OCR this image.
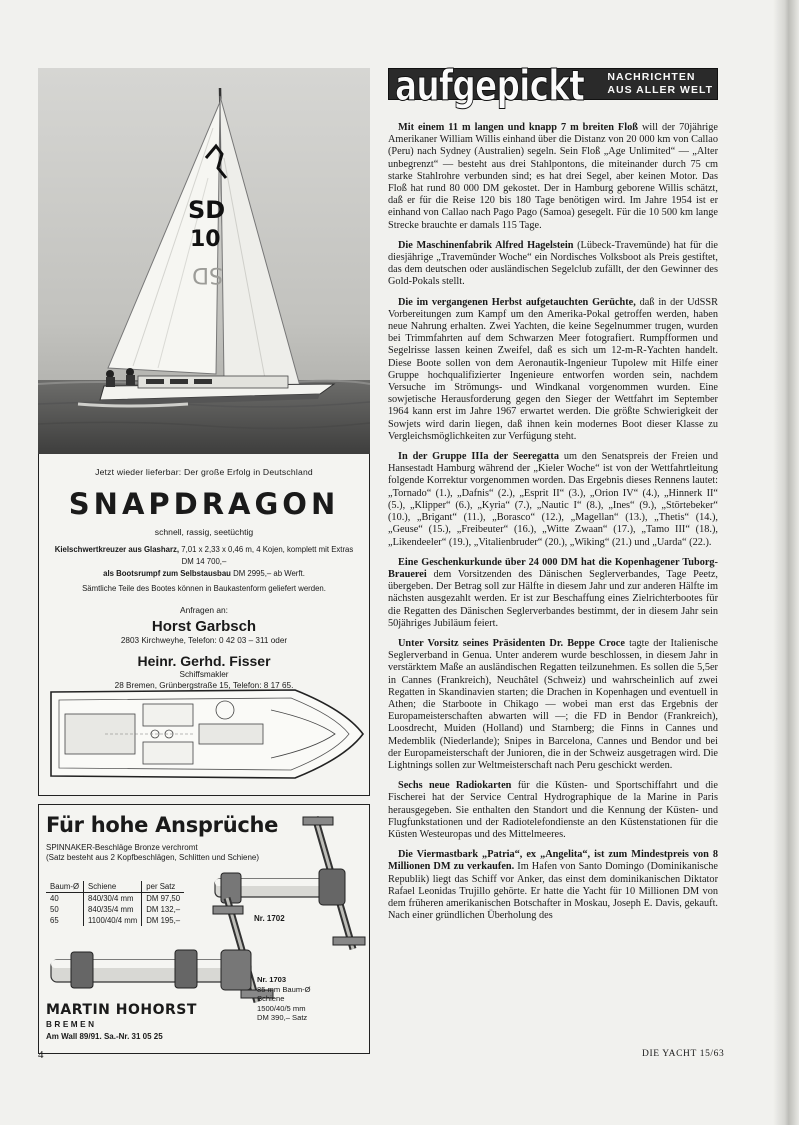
SD
10
SD
Jetzt wieder lieferbar: Der große Erfolg in Deutschland
SNAPDRAGON
schnell, rassig, seetüchtig
Kielschwertkreuzer aus Glasharz, 7,01 x 2,33 x 0,46 m, 4 Kojen, komplett mit Extras DM 14 700,–
als Bootsrumpf zum Selbstausbau DM 2995,– ab Werft.
Sämtliche Teile des Bootes können in Baukastenform geliefert werden.
Anfragen an:
Horst Garbsch
2803 Kirchweyhe, Telefon: 0 42 03 – 311 oder
Heinr. Gerhd. Fisser
Schiffsmakler
28 Bremen, Grünbergstraße 15, Telefon: 8 17 65.
Für hohe Ansprüche
SPINNAKER-Beschläge Bronze verchromt
(Satz besteht aus 2 Kopfbeschlägen, Schlitten und Schiene)
Baum-Ø	Schiene	per Satz
40	840/30/4 mm	DM 97,50
50	840/35/4 mm	DM 132,–
65	1100/40/4 mm	DM 195,–	Nr. 1702
Nr. 1703
85 mm Baum-Ø
Schiene
1500/40/5 mm
DM 390,– Satz
MARTIN HOHORST
BREMEN
Am Wall 89/91. Sa.-Nr. 31 05 25
aufgepickt NACHRICHTEN
AUS ALLER WELT

Mit einem 11 m langen und knapp 7 m breiten Floß will der 70jährige Amerikaner William Willis einhand über die Distanz von 20 000 km von Callao (Peru) nach Sydney (Australien) segeln. Sein Floß „Age Unlimited“ — „Alter unbegrenzt“ — besteht aus drei Stahlpontons, die miteinander durch 75 cm starke Stahlrohre verbunden sind; es hat drei Segel, aber keinen Motor. Das Floß hat rund 80 000 DM gekostet. Der in Hamburg geborene Willis schätzt, daß er für die Reise 120 bis 180 Tage benötigen wird. Im Jahre 1954 ist er einhand von Callao nach Pago Pago (Samoa) gesegelt. Für die 10 500 km lange Strecke brauchte er damals 115 Tage.

Die Maschinenfabrik Alfred Hagelstein (Lübeck-Travemünde) hat für die diesjährige „Travemünder Woche“ ein Nordisches Volksboot als Preis gestiftet, das dem deutschen oder ausländischen Segelclub zufällt, der den Gewinner des Gold-Pokals stellt.

Die im vergangenen Herbst aufgetauchten Gerüchte, daß in der UdSSR Vorbereitungen zum Kampf um den Amerika-Pokal getroffen werden, haben neue Nahrung erhalten. Zwei Yachten, die keine Segelnummer trugen, wurden bei Trimmfahrten auf dem Schwarzen Meer fotografiert. Rumpfformen und Segelrisse lassen keinen Zweifel, daß es sich um 12-m-R-Yachten handelt. Diese Boote sollen von dem Aeronautik-Ingenieur Tupolew mit Hilfe einer Gruppe hochqualifizierter Ingenieure entworfen worden sein, nachdem Versuche im Strömungs- und Windkanal vorgenommen wurden. Eine sowjetische Herausforderung gegen den Sieger der Wettfahrt im September 1964 kann erst im Jahre 1967 erwartet werden. Die größte Schwierigkeit der Sowjets wird darin liegen, daß ihnen kein modernes Boot dieser Klasse zu Vergleichsmöglichkeiten zur Verfügung steht.

In der Gruppe IIIa der Seeregatta um den Senatspreis der Freien und Hansestadt Hamburg während der „Kieler Woche“ ist von der Wettfahrtleitung folgende Korrektur vorgenommen worden. Das Ergebnis dieses Rennens lautet: „Tornado“ (1.), „Dafnis“ (2.), „Esprit II“ (3.), „Orion IV“ (4.), „Hinnerk II“ (5.), „Klipper“ (6.), „Kyria“ (7.), „Nautic I“ (8.), „Ines“ (9.), „Störtebeker“ (10.), „Brigant“ (11.), „Borasco“ (12.), „Magellan“ (13.), „Thetis“ (14.), „Geuse“ (15.), „Freibeuter“ (16.), „Witte Zwaan“ (17.), „Tamo III“ (18.), „Likendeeler“ (19.), „Vitalienbruder“ (20.), „Wiking“ (21.) und „Uarda“ (22.).

Eine Geschenkurkunde über 24 000 DM hat die Kopenhagener Tuborg-Brauerei dem Vorsitzenden des Dänischen Seglerverbandes, Tage Peetz, übergeben. Der Betrag soll zur Hälfte in diesem Jahr und zur anderen Hälfte im nächsten ausgezahlt werden. Er ist zur Beschaffung eines Zielrichterbootes für die Regatten des Dänischen Seglerverbandes bestimmt, der in diesem Jahr sein 50jähriges Jubiläum feiert.

Unter Vorsitz seines Präsidenten Dr. Beppe Croce tagte der Italienische Seglerverband in Genua. Unter anderem wurde beschlossen, in diesem Jahr in verstärktem Maße an ausländischen Regatten teilzunehmen. Es sollen die 5,5er in Cannes (Frankreich), Neuchâtel (Schweiz) und wahrscheinlich auf zwei Regatten in Skandinavien starten; die Drachen in Kopenhagen und eventuell in Athen; die Starboote in Chikago — wobei man erst das Ergebnis der Europameisterschaften abwarten will —; die FD in Bendor (Frankreich), Loosdrecht, Muiden (Holland) und Starnberg; die Finns in Cannes und Medemblik (Niederlande); Snipes in Barcelona, Cannes und Bendor und bei der Europameisterschaft der Junioren, die in der Schweiz ausgetragen wird. Die Lightnings sollen zur Weltmeisterschaft nach Peru geschickt werden.

Sechs neue Radiokarten für die Küsten- und Sportschiffahrt und die Fischerei hat der Service Central Hydrographique de la Marine in Paris herausgegeben. Sie enthalten den Standort und die Kennung der Küsten- und Flugfunkstationen und der Radiotelefondienste an den Küstenstationen für die Küsten Westeuropas und des Mittelmeeres.

Die Viermastbark „Patria“, ex „Angelita“, ist zum Mindestpreis von 8 Millionen DM zu verkaufen. Im Hafen von Santo Domingo (Dominikanische Republik) liegt das Schiff vor Anker, das einst dem dominikanischen Diktator Rafael Leonidas Trujillo gehörte. Er hatte die Yacht für 10 Millionen DM von dem früheren amerikanischen Botschafter in Moskau, Joseph E. Davis, gekauft. Nach einer gründlichen Überholung des

4	DIE YACHT 15/63
